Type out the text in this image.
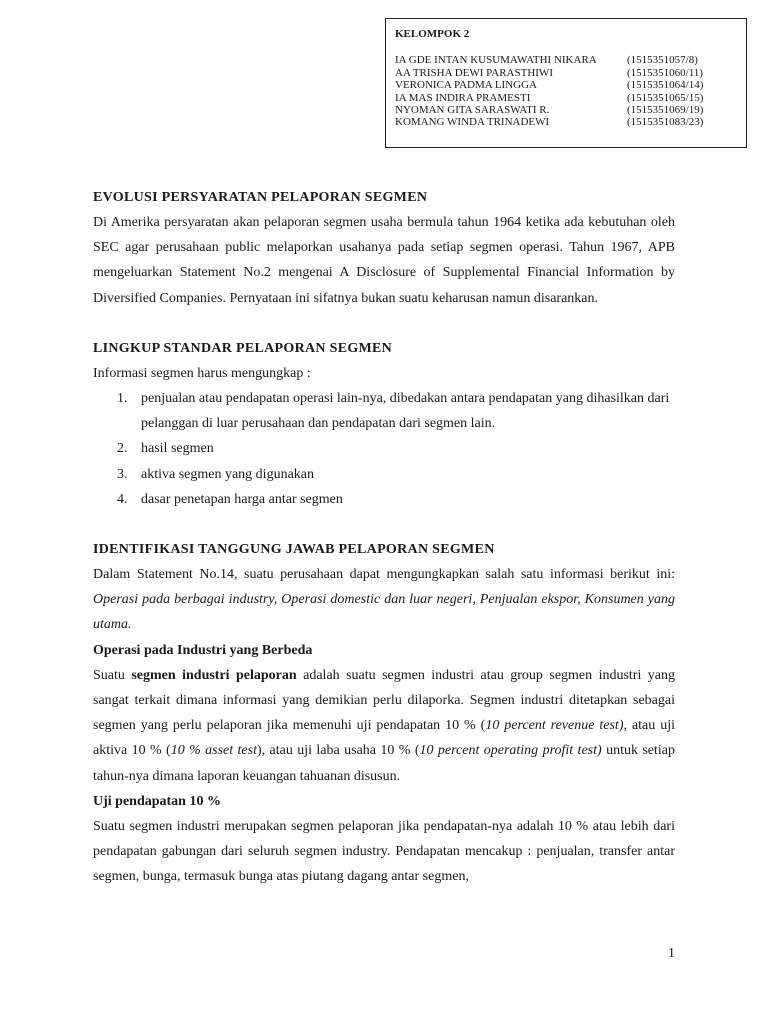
KELOMPOK 2
IA GDE INTAN KUSUMAWATHI NIKARA	(1515351057/8)
AA TRISHA DEWI PARASTHIWI	(1515351060/11)
VERONICA PADMA LINGGA	(1515351064/14)
IA MAS INDIRA PRAMESTI	(1515351065/15)
NYOMAN GITA SARASWATI R.	(1515351069/19)
KOMANG WINDA TRINADEWI	(1515351083/23)
EVOLUSI PERSYARATAN PELAPORAN SEGMEN
Di Amerika persyaratan akan pelaporan segmen usaha bermula tahun 1964 ketika ada kebutuhan oleh SEC agar perusahaan public melaporkan usahanya pada setiap segmen operasi. Tahun 1967, APB mengeluarkan Statement No.2 mengenai A Disclosure of Supplemental Financial Information by Diversified Companies. Pernyataan ini sifatnya bukan suatu keharusan namun disarankan.
LINGKUP STANDAR PELAPORAN SEGMEN
Informasi segmen harus mengungkap :
1. penjualan atau pendapatan operasi lain-nya, dibedakan antara pendapatan yang dihasilkan dari pelanggan di luar perusahaan dan pendapatan dari segmen lain.
2. hasil segmen
3. aktiva segmen yang digunakan
4. dasar penetapan harga antar segmen
IDENTIFIKASI TANGGUNG JAWAB PELAPORAN SEGMEN
Dalam Statement No.14, suatu perusahaan dapat mengungkapkan salah satu informasi berikut ini: Operasi pada berbagai industry, Operasi domestic dan luar negeri, Penjualan ekspor, Konsumen yang utama.
Operasi pada Industri yang Berbeda
Suatu segmen industri pelaporan adalah suatu segmen industri atau group segmen industri yang sangat terkait dimana informasi yang demikian perlu dilaporka. Segmen industri ditetapkan sebagai segmen yang perlu pelaporan jika memenuhi uji pendapatan 10 % (10 percent revenue test), atau uji aktiva 10 % (10 % asset test), atau uji laba usaha 10 % (10 percent operating profit test) untuk setiap tahun-nya dimana laporan keuangan tahuanan disusun.
Uji pendapatan 10 %
Suatu segmen industri merupakan segmen pelaporan jika pendapatan-nya adalah 10 % atau lebih dari pendapatan gabungan dari seluruh segmen industry. Pendapatan mencakup : penjualan, transfer antar segmen, bunga, termasuk bunga atas piutang dagang antar segmen,
1
